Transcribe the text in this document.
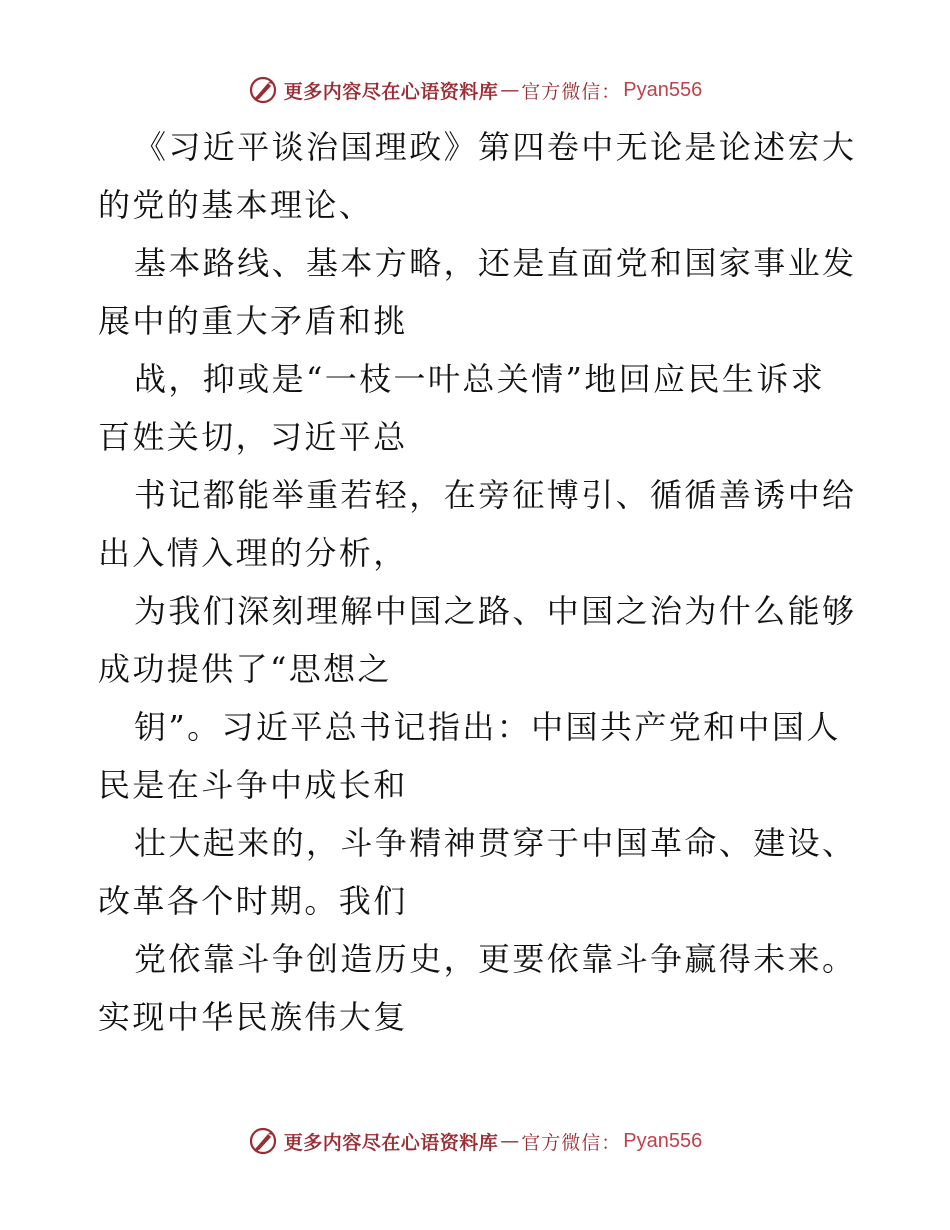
更多内容尽在心语资料库 — 官方微信： Pyan556
《习近平谈治国理政》第四卷中无论是论述宏大
的党的基本理论、
基本路线、基本方略，还是直面党和国家事业发
展中的重大矛盾和挑
战，抑或是“一枝一叶总关情”地回应民生诉求
百姓关切，习近平总
书记都能举重若轻，在旁征博引、循循善诱中给
出入情入理的分析，
为我们深刻理解中国之路、中国之治为什么能够
成功提供了“思想之
钥”。习近平总书记指出：中国共产党和中国人
民是在斗争中成长和
壮大起来的，斗争精神贯穿于中国革命、建设、
改革各个时期。我们
党依靠斗争创造历史，更要依靠斗争赢得未来。
实现中华民族伟大复
更多内容尽在心语资料库 — 官方微信： Pyan556
